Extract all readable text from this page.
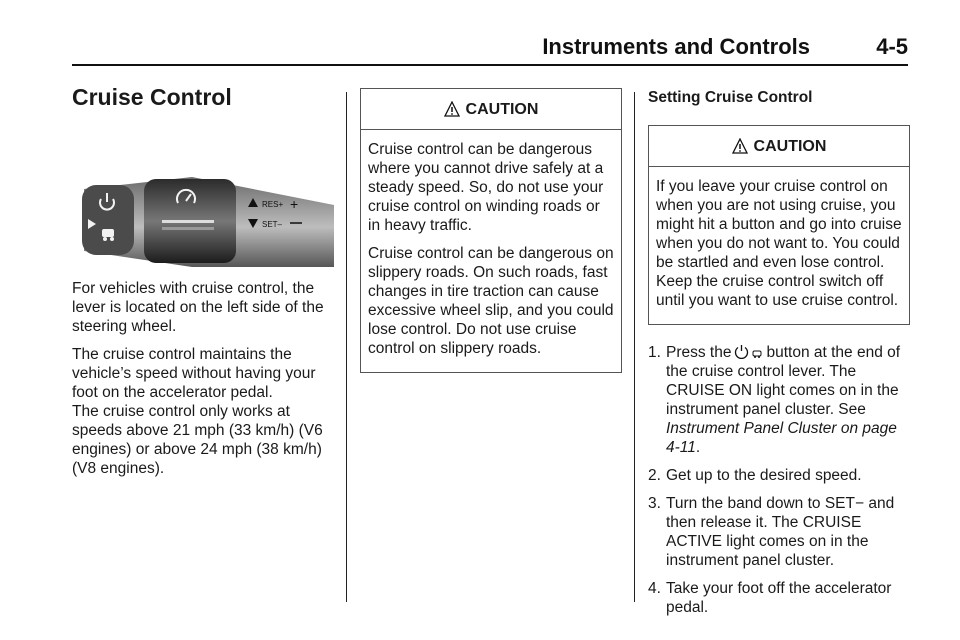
Instruments and Controls	4-5
Cruise Control
RES+ +
SET–

For vehicles with cruise control, the lever is located on the left side of the steering wheel.

The cruise control maintains the vehicle’s speed without having your foot on the accelerator pedal.

The cruise control only works at speeds above 21 mph (33 km/h) (V6 engines) or above 24 mph (38 km/h) (V8 engines).

CAUTION

Cruise control can be dangerous where you cannot drive safely at a steady speed. So, do not use your cruise control on winding roads or in heavy traffic.

Cruise control can be dangerous on slippery roads. On such roads, fast changes in tire traction can cause excessive wheel slip, and you could lose control. Do not use cruise control on slippery roads.

Setting Cruise Control
CAUTION

If you leave your cruise control on when you are not using cruise, you might hit a button and go into cruise when you do not want to. You could be startled and even lose control. Keep the cruise control switch off until you want to use cruise control.

1. Press the button at the end of the cruise control lever. The CRUISE ON light comes on in the instrument panel cluster. See Instrument Panel Cluster on page 4-11.
2. Get up to the desired speed.
3. Turn the band down to SET− and then release it. The CRUISE ACTIVE light comes on in the instrument panel cluster.
4. Take your foot off the accelerator pedal.
